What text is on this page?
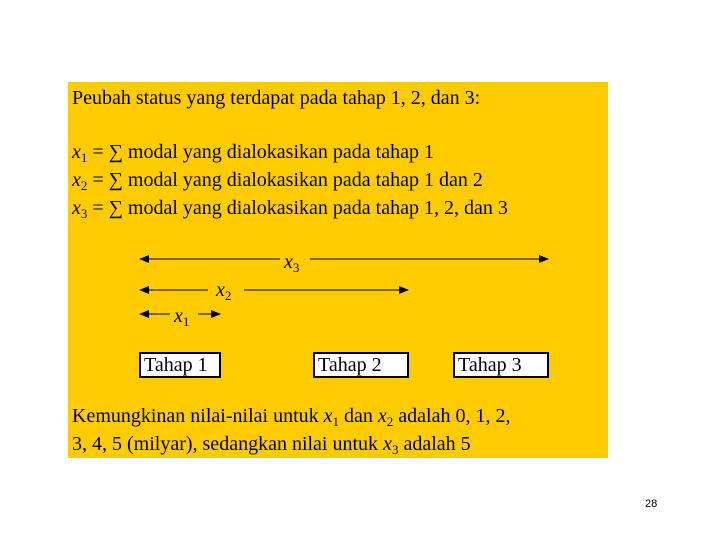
Peubah status yang terdapat pada tahap 1, 2, dan 3:
$x_1$ = ∑ modal yang dialokasikan pada tahap 1
$x_2$ = ∑ modal yang dialokasikan pada tahap 1 dan 2
$x_3$ = ∑ modal yang dialokasikan pada tahap 1, 2, dan 3
$x_3$
$x_2$
$x_1$
Tahap 1	Tahap 2	Tahap 3
Kemungkinan nilai-nilai untuk $x_1$ dan $x_2$ adalah 0, 1, 2,
3, 4, 5 (milyar), sedangkan nilai untuk $x_3$ adalah 5
28
